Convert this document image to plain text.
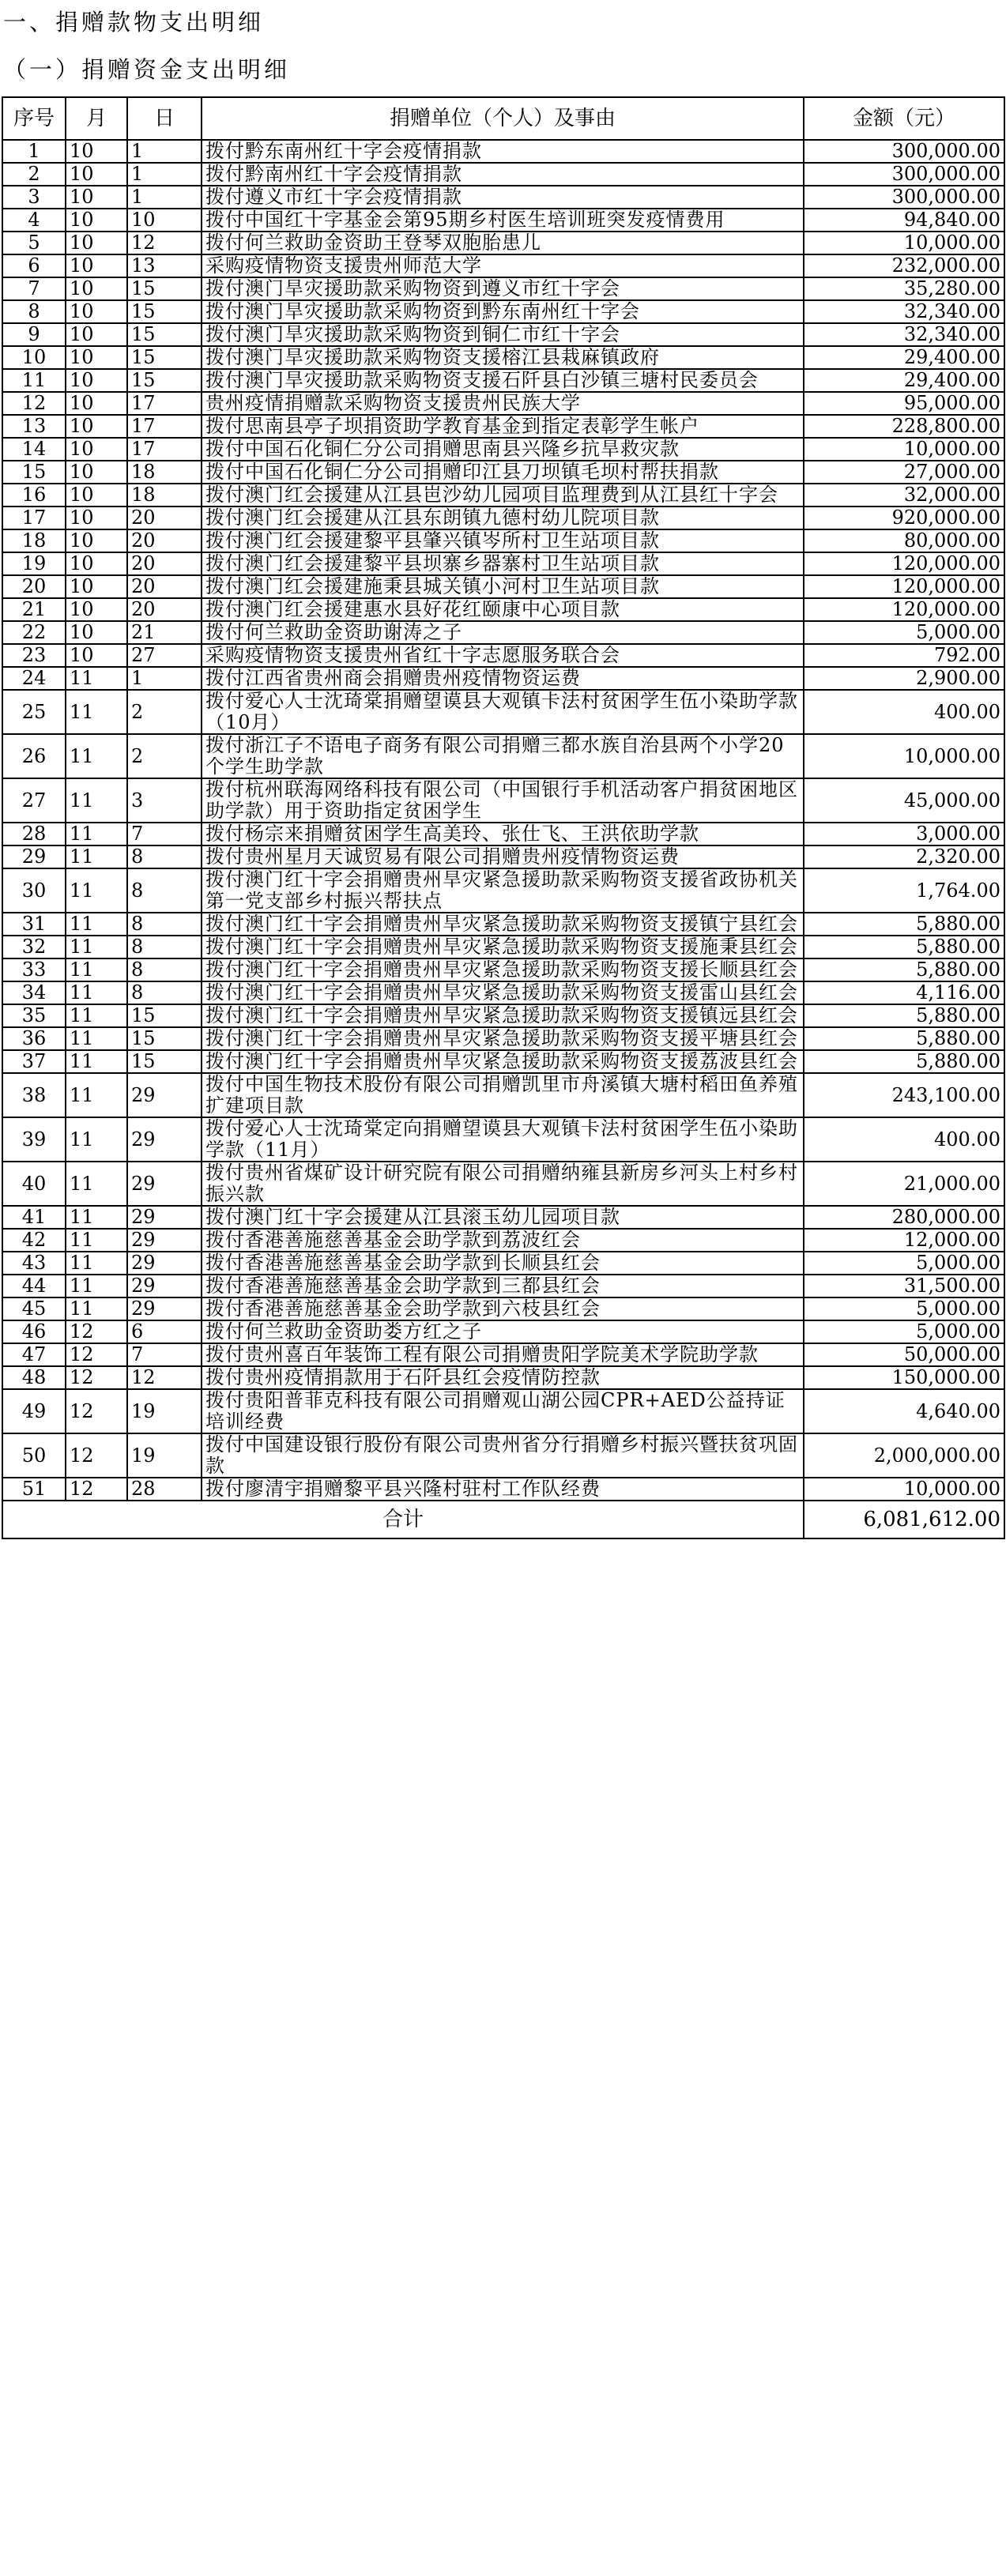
一、捐赠款物支出明细
（一）捐赠资金支出明细
序号	月	日	捐赠单位（个人）及事由	金额（元）
1	10	1	拨付黔东南州红十字会疫情捐款	300,000.00
2	10	1	拨付黔南州红十字会疫情捐款	300,000.00
3	10	1	拨付遵义市红十字会疫情捐款	300,000.00
4	10	10	拨付中国红十字基金会第95期乡村医生培训班突发疫情费用	94,840.00
5	10	12	拨付何兰救助金资助王登琴双胞胎患儿	10,000.00
6	10	13	采购疫情物资支援贵州师范大学	232,000.00
7	10	15	拨付澳门旱灾援助款采购物资到遵义市红十字会	35,280.00
8	10	15	拨付澳门旱灾援助款采购物资到黔东南州红十字会	32,340.00
9	10	15	拨付澳门旱灾援助款采购物资到铜仁市红十字会	32,340.00
10	10	15	拨付澳门旱灾援助款采购物资支援榕江县栽麻镇政府	29,400.00
11	10	15	拨付澳门旱灾援助款采购物资支援石阡县白沙镇三塘村民委员会	29,400.00
12	10	17	贵州疫情捐赠款采购物资支援贵州民族大学	95,000.00
13	10	17	拨付思南县亭子坝捐资助学教育基金到指定表彰学生帐户	228,800.00
14	10	17	拨付中国石化铜仁分公司捐赠思南县兴隆乡抗旱救灾款	10,000.00
15	10	18	拨付中国石化铜仁分公司捐赠印江县刀坝镇毛坝村帮扶捐款	27,000.00
16	10	18	拨付澳门红会援建从江县岜沙幼儿园项目监理费到从江县红十字会	32,000.00
17	10	20	拨付澳门红会援建从江县东朗镇九德村幼儿院项目款	920,000.00
18	10	20	拨付澳门红会援建黎平县肇兴镇岑所村卫生站项目款	80,000.00
19	10	20	拨付澳门红会援建黎平县坝寨乡器寨村卫生站项目款	120,000.00
20	10	20	拨付澳门红会援建施秉县城关镇小河村卫生站项目款	120,000.00
21	10	20	拨付澳门红会援建惠水县好花红颐康中心项目款	120,000.00
22	10	21	拨付何兰救助金资助谢涛之子	5,000.00
23	10	27	采购疫情物资支援贵州省红十字志愿服务联合会	792.00
24	11	1	拨付江西省贵州商会捐赠贵州疫情物资运费	2,900.00
25	11	2	拨付爱心人士沈琦棠捐赠望谟县大观镇卡法村贫困学生伍小染助学款（10月）	400.00
26	11	2	拨付浙江子不语电子商务有限公司捐赠三都水族自治县两个小学20个学生助学款	10,000.00
27	11	3	拨付杭州联海网络科技有限公司（中国银行手机活动客户捐贫困地区助学款）用于资助指定贫困学生	45,000.00
28	11	7	拨付杨宗来捐赠贫困学生高美玲、张仕飞、王洪依助学款	3,000.00
29	11	8	拨付贵州星月天诚贸易有限公司捐赠贵州疫情物资运费	2,320.00
30	11	8	拨付澳门红十字会捐赠贵州旱灾紧急援助款采购物资支援省政协机关第一党支部乡村振兴帮扶点	1,764.00
31	11	8	拨付澳门红十字会捐赠贵州旱灾紧急援助款采购物资支援镇宁县红会	5,880.00
32	11	8	拨付澳门红十字会捐赠贵州旱灾紧急援助款采购物资支援施秉县红会	5,880.00
33	11	8	拨付澳门红十字会捐赠贵州旱灾紧急援助款采购物资支援长顺县红会	5,880.00
34	11	8	拨付澳门红十字会捐赠贵州旱灾紧急援助款采购物资支援雷山县红会	4,116.00
35	11	15	拨付澳门红十字会捐赠贵州旱灾紧急援助款采购物资支援镇远县红会	5,880.00
36	11	15	拨付澳门红十字会捐赠贵州旱灾紧急援助款采购物资支援平塘县红会	5,880.00
37	11	15	拨付澳门红十字会捐赠贵州旱灾紧急援助款采购物资支援荔波县红会	5,880.00
38	11	29	拨付中国生物技术股份有限公司捐赠凯里市舟溪镇大塘村稻田鱼养殖扩建项目款	243,100.00
39	11	29	拨付爱心人士沈琦棠定向捐赠望谟县大观镇卡法村贫困学生伍小染助学款（11月）	400.00
40	11	29	拨付贵州省煤矿设计研究院有限公司捐赠纳雍县新房乡河头上村乡村振兴款	21,000.00
41	11	29	拨付澳门红十字会援建从江县滚玉幼儿园项目款	280,000.00
42	11	29	拨付香港善施慈善基金会助学款到荔波红会	12,000.00
43	11	29	拨付香港善施慈善基金会助学款到长顺县红会	5,000.00
44	11	29	拨付香港善施慈善基金会助学款到三都县红会	31,500.00
45	11	29	拨付香港善施慈善基金会助学款到六枝县红会	5,000.00
46	12	6	拨付何兰救助金资助娄方红之子	5,000.00
47	12	7	拨付贵州喜百年装饰工程有限公司捐赠贵阳学院美术学院助学款	50,000.00
48	12	12	拨付贵州疫情捐款用于石阡县红会疫情防控款	150,000.00
49	12	19	拨付贵阳普菲克科技有限公司捐赠观山湖公园CPR+AED公益持证培训经费	4,640.00
50	12	19	拨付中国建设银行股份有限公司贵州省分行捐赠乡村振兴暨扶贫巩固款	2,000,000.00
51	12	28	拨付廖清宇捐赠黎平县兴隆村驻村工作队经费	10,000.00
合计				6,081,612.00
